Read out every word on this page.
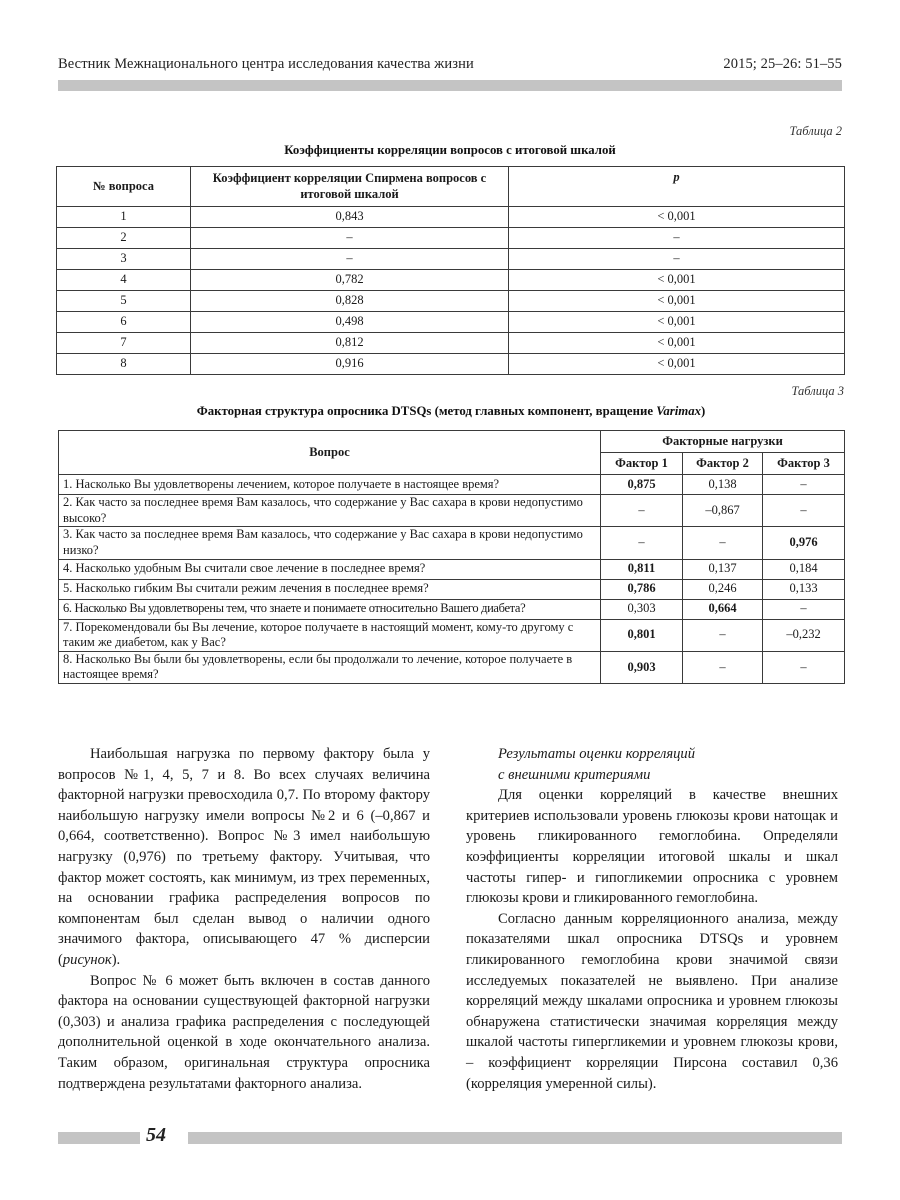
Вестник Межнационального центра исследования качества жизни	2015; 25–26: 51–55
Таблица 2
Коэффициенты корреляции вопросов с итоговой шкалой
№ вопроса	Коэффициент корреляции Спирмена вопросов с итоговой шкалой	p
1	0,843	< 0,001
2	–	–
3	–	–
4	0,782	< 0,001
5	0,828	< 0,001
6	0,498	< 0,001
7	0,812	< 0,001
8	0,916	< 0,001
Таблица 3
Факторная структура опросника DTSQs (метод главных компонент, вращение Varimax)
Вопрос	Факторные нагрузки		
	Фактор 1	Фактор 2	Фактор 3
1. Насколько Вы удовлетворены лечением, которое получаете в настоящее время?	0,875	0,138	–
2. Как часто за последнее время Вам казалось, что содержание у Вас сахара в крови недопустимо высоко?	–	–0,867	–
3. Как часто за последнее время Вам казалось, что содержание у Вас сахара в крови недопустимо низко?	–	–	0,976
4. Насколько удобным Вы считали свое лечение в последнее время?	0,811	0,137	0,184
5. Насколько гибким Вы считали режим лечения в последнее время?	0,786	0,246	0,133
6. Насколько Вы удовлетворены тем, что знаете и понимаете относительно Вашего диабета?	0,303	0,664	–
7. Порекомендовали бы Вы лечение, которое получаете в настоящий момент, кому-то другому с таким же диабетом, как у Вас?	0,801	–	–0,232
8. Насколько Вы были бы удовлетворены, если бы продолжали то лечение, которое получаете в настоящее время?	0,903	–	–

Наибольшая нагрузка по первому фактору была у вопросов №1, 4, 5, 7 и 8. Во всех случаях величина факторной нагрузки превосходила 0,7. По второму фактору наибольшую нагрузку имели вопросы №2 и 6 (–0,867 и 0,664, соответственно). Вопрос №3 имел наибольшую нагрузку (0,976) по третьему фактору. Учитывая, что фактор может состоять, как минимум, из трех переменных, на основании графика распределения вопросов по компонентам был сделан вывод о наличии одного значимого фактора, описывающего 47 % дисперсии (рисунок).

Вопрос № 6 может быть включен в состав данного фактора на основании существующей факторной нагрузки (0,303) и анализа графика распределения с последующей дополнительной оценкой в ходе окончательного анализа. Таким образом, оригинальная структура опросника подтверждена результатами факторного анализа.

Результаты оценки корреляций
с внешними критериями

Для оценки корреляций в качестве внешних критериев использовали уровень глюкозы крови натощак и уровень гликированного гемоглобина. Определяли коэффициенты корреляции итоговой шкалы и шкал частоты гипер- и гипогликемии опросника с уровнем глюкозы крови и гликированного гемоглобина.

Согласно данным корреляционного анализа, между показателями шкал опросника DTSQs и уровнем гликированного гемоглобина крови значимой связи исследуемых показателей не выявлено. При анализе корреляций между шкалами опросника и уровнем глюкозы обнаружена статистически значимая корреляция между шкалой частоты гипергликемии и уровнем глюкозы крови, – коэффициент корреляции Пирсона составил 0,36 (корреляция умеренной силы).

54
